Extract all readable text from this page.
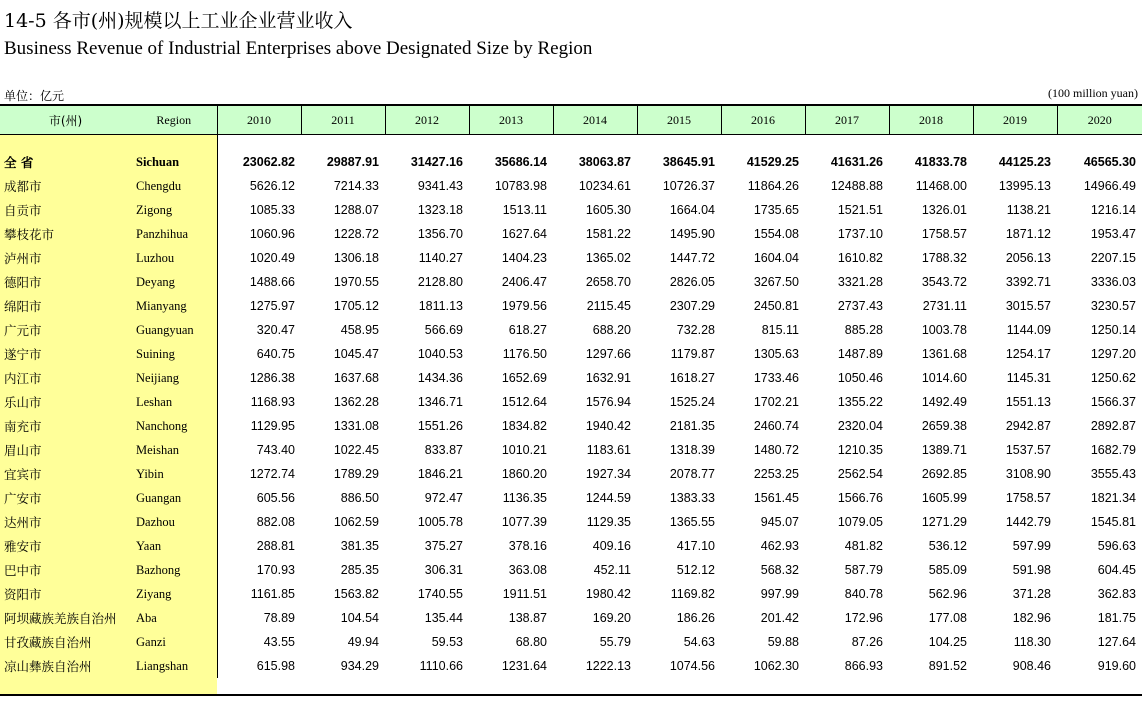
14-5 各市(州)规模以上工业企业营业收入
Business Revenue of Industrial Enterprises above Designated Size by Region
单位：亿元	(100 million yuan)
市(州)	Region	2010	2011	2012	2013	2014	2015	2016	2017	2018	2019	2020

全 省	Sichuan	23062.82	29887.91	31427.16	35686.14	38063.87	38645.91	41529.25	41631.26	41833.78	44125.23	46565.30
成都市	Chengdu	5626.12	7214.33	9341.43	10783.98	10234.61	10726.37	11864.26	12488.88	11468.00	13995.13	14966.49
自贡市	Zigong	1085.33	1288.07	1323.18	1513.11	1605.30	1664.04	1735.65	1521.51	1326.01	1138.21	1216.14
攀枝花市	Panzhihua	1060.96	1228.72	1356.70	1627.64	1581.22	1495.90	1554.08	1737.10	1758.57	1871.12	1953.47
泸州市	Luzhou	1020.49	1306.18	1140.27	1404.23	1365.02	1447.72	1604.04	1610.82	1788.32	2056.13	2207.15
德阳市	Deyang	1488.66	1970.55	2128.80	2406.47	2658.70	2826.05	3267.50	3321.28	3543.72	3392.71	3336.03
绵阳市	Mianyang	1275.97	1705.12	1811.13	1979.56	2115.45	2307.29	2450.81	2737.43	2731.11	3015.57	3230.57
广元市	Guangyuan	320.47	458.95	566.69	618.27	688.20	732.28	815.11	885.28	1003.78	1144.09	1250.14
遂宁市	Suining	640.75	1045.47	1040.53	1176.50	1297.66	1179.87	1305.63	1487.89	1361.68	1254.17	1297.20
内江市	Neijiang	1286.38	1637.68	1434.36	1652.69	1632.91	1618.27	1733.46	1050.46	1014.60	1145.31	1250.62
乐山市	Leshan	1168.93	1362.28	1346.71	1512.64	1576.94	1525.24	1702.21	1355.22	1492.49	1551.13	1566.37
南充市	Nanchong	1129.95	1331.08	1551.26	1834.82	1940.42	2181.35	2460.74	2320.04	2659.38	2942.87	2892.87
眉山市	Meishan	743.40	1022.45	833.87	1010.21	1183.61	1318.39	1480.72	1210.35	1389.71	1537.57	1682.79
宜宾市	Yibin	1272.74	1789.29	1846.21	1860.20	1927.34	2078.77	2253.25	2562.54	2692.85	3108.90	3555.43
广安市	Guangan	605.56	886.50	972.47	1136.35	1244.59	1383.33	1561.45	1566.76	1605.99	1758.57	1821.34
达州市	Dazhou	882.08	1062.59	1005.78	1077.39	1129.35	1365.55	945.07	1079.05	1271.29	1442.79	1545.81
雅安市	Yaan	288.81	381.35	375.27	378.16	409.16	417.10	462.93	481.82	536.12	597.99	596.63
巴中市	Bazhong	170.93	285.35	306.31	363.08	452.11	512.12	568.32	587.79	585.09	591.98	604.45
资阳市	Ziyang	1161.85	1563.82	1740.55	1911.51	1980.42	1169.82	997.99	840.78	562.96	371.28	362.83
阿坝藏族羌族自治州	Aba	78.89	104.54	135.44	138.87	169.20	186.26	201.42	172.96	177.08	182.96	181.75
甘孜藏族自治州	Ganzi	43.55	49.94	59.53	68.80	55.79	54.63	59.88	87.26	104.25	118.30	127.64
凉山彝族自治州	Liangshan	615.98	934.29	1110.66	1231.64	1222.13	1074.56	1062.30	866.93	891.52	908.46	919.60
